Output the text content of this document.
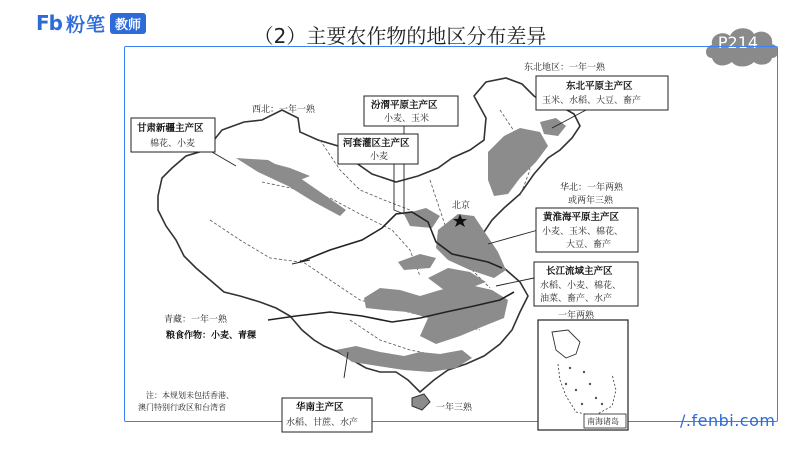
Fb 粉笔 教师	（2）主要农作物的地区分布差异	P214
西北：一年一熟
东北地区：一年一熟
华北：一年两熟
或两年三熟
青藏：一年一熟
粮食作物：小麦、青稞
一年三熟
一年两熟
北京
注：本规划未包括香港、
澳门特别行政区和台湾省
南海诸岛
甘肃新疆主产区
棉花、小麦
汾渭平原主产区
小麦、玉米
河套灌区主产区
小麦
东北平原主产区
玉米、水稻、大豆、畜产
黄淮海平原主产区
小麦、玉米、棉花、
大豆、畜产
长江流域主产区
水稻、小麦、棉花、
油菜、畜产、水产
华南主产区
水稻、甘蔗、水产	/.fenbi.com
